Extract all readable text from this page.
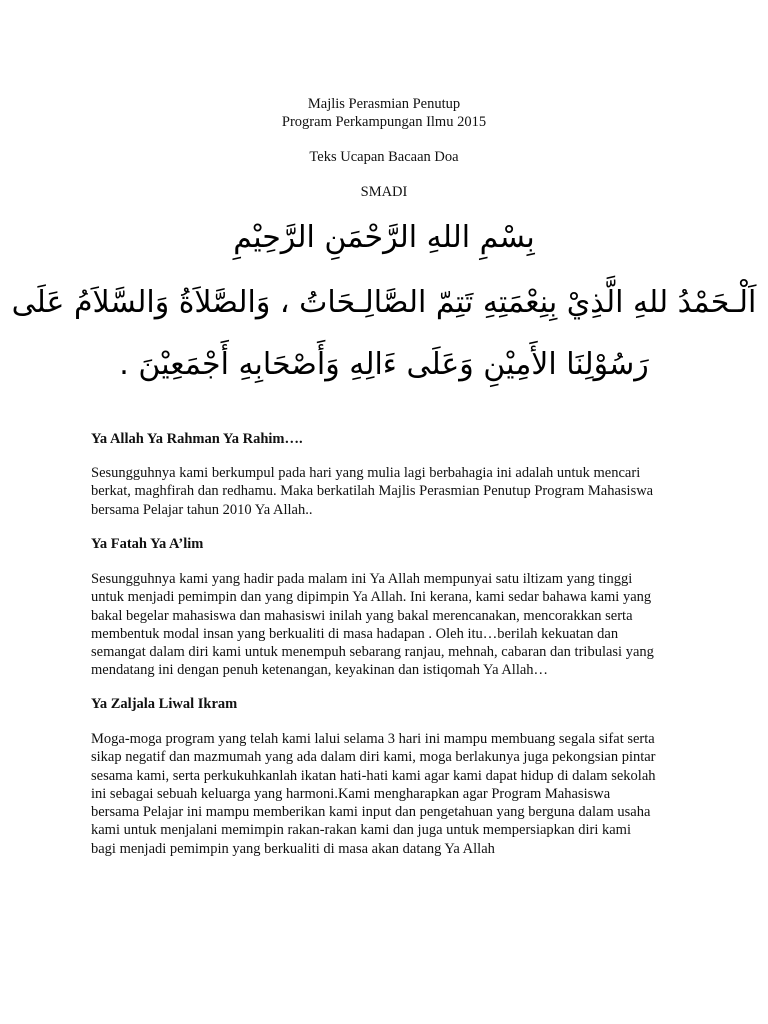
Majlis Perasmian Penutup
Program Perkampungan Ilmu 2015
Teks Ucapan Bacaan Doa
SMADI
بِسْمِ اللهِ الرَّحْمَنِ الرَّحِيْمِ
اَلْـحَمْدُ للهِ الَّذِيْ بِنِعْمَتِهِ تَتِمّ الصَّالِـحَاتُ ، وَالصَّلاَةُ وَالسَّلاَمُ عَلَى
رَسُوْلِنَا الأَمِيْنِ وَعَلَى ءَالِهِ وَأَصْحَابِهِ أَجْمَعِيْنَ .
Ya Allah Ya Rahman Ya Rahim….
Sesungguhnya kami berkumpul pada hari yang mulia lagi berbahagia ini adalah untuk mencari
berkat, maghfirah dan redhamu. Maka berkatilah Majlis Perasmian Penutup Program Mahasiswa
bersama Pelajar tahun 2010 Ya Allah..
Ya Fatah Ya A’lim
Sesungguhnya kami yang hadir pada malam ini Ya Allah mempunyai satu iltizam yang tinggi
untuk menjadi pemimpin dan yang dipimpin Ya Allah. Ini kerana, kami sedar bahawa kami yang
bakal begelar mahasiswa dan mahasiswi inilah yang bakal merencanakan, mencorakkan serta
membentuk modal insan yang berkualiti di masa hadapan . Oleh itu…berilah kekuatan dan
semangat dalam diri kami untuk menempuh sebarang ranjau, mehnah, cabaran dan tribulasi yang
mendatang ini dengan penuh ketenangan, keyakinan dan istiqomah Ya Allah…
Ya Zaljala Liwal Ikram
Moga-moga program yang telah kami lalui selama 3 hari ini mampu membuang segala sifat serta
sikap negatif dan mazmumah yang ada dalam diri kami, moga berlakunya juga pekongsian pintar
sesama kami, serta perkukuhkanlah ikatan hati-hati kami agar kami dapat hidup di dalam sekolah
ini sebagai sebuah keluarga yang harmoni.Kami mengharapkan agar Program Mahasiswa
bersama Pelajar ini mampu memberikan kami input dan pengetahuan yang berguna dalam usaha
kami untuk menjalani memimpin rakan-rakan kami dan juga untuk mempersiapkan diri kami
bagi menjadi pemimpin yang berkualiti di masa akan datang Ya Allah
